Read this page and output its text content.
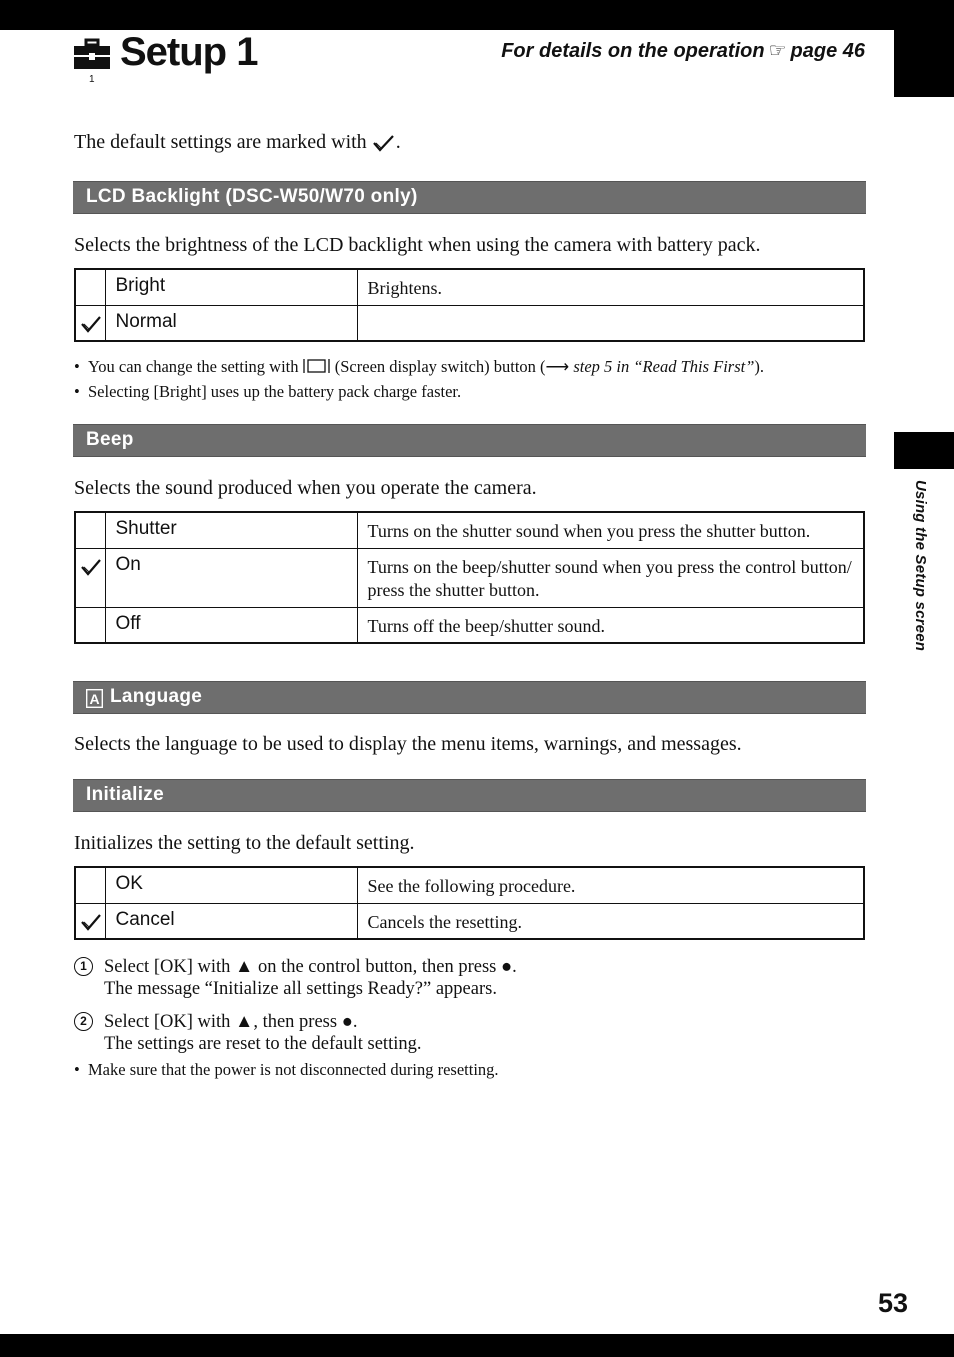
Using the Setup screen
53
1
Setup 1	For details on the operation ☞ page 46
The default settings are marked with .
LCD Backlight (DSC-W50/W70 only)
Selects the brightness of the LCD backlight when using the camera with battery pack.
	Bright	Brightens.

	Normal	
• You can change the setting with (Screen display switch) button (⟶ step 5 in “Read This First”).
• Selecting [Bright] uses up the battery pack charge faster.
Beep
Selects the sound produced when you operate the camera.
	Shutter	Turns on the shutter sound when you press the shutter button.

	On	Turns on the beep/shutter sound when you press the control button/ press the shutter button.
	Off	Turns off the beep/shutter sound.
A Language
Selects the language to be used to display the menu items, warnings, and messages.
Initialize
Initializes the setting to the default setting.
	OK	See the following procedure.

	Cancel	Cancels the resetting.
1 Select [OK] with ▲ on the control button, then press ●.
The message “Initialize all settings Ready?” appears.
2 Select [OK] with ▲, then press ●.
The settings are reset to the default setting.
• Make sure that the power is not disconnected during resetting.
